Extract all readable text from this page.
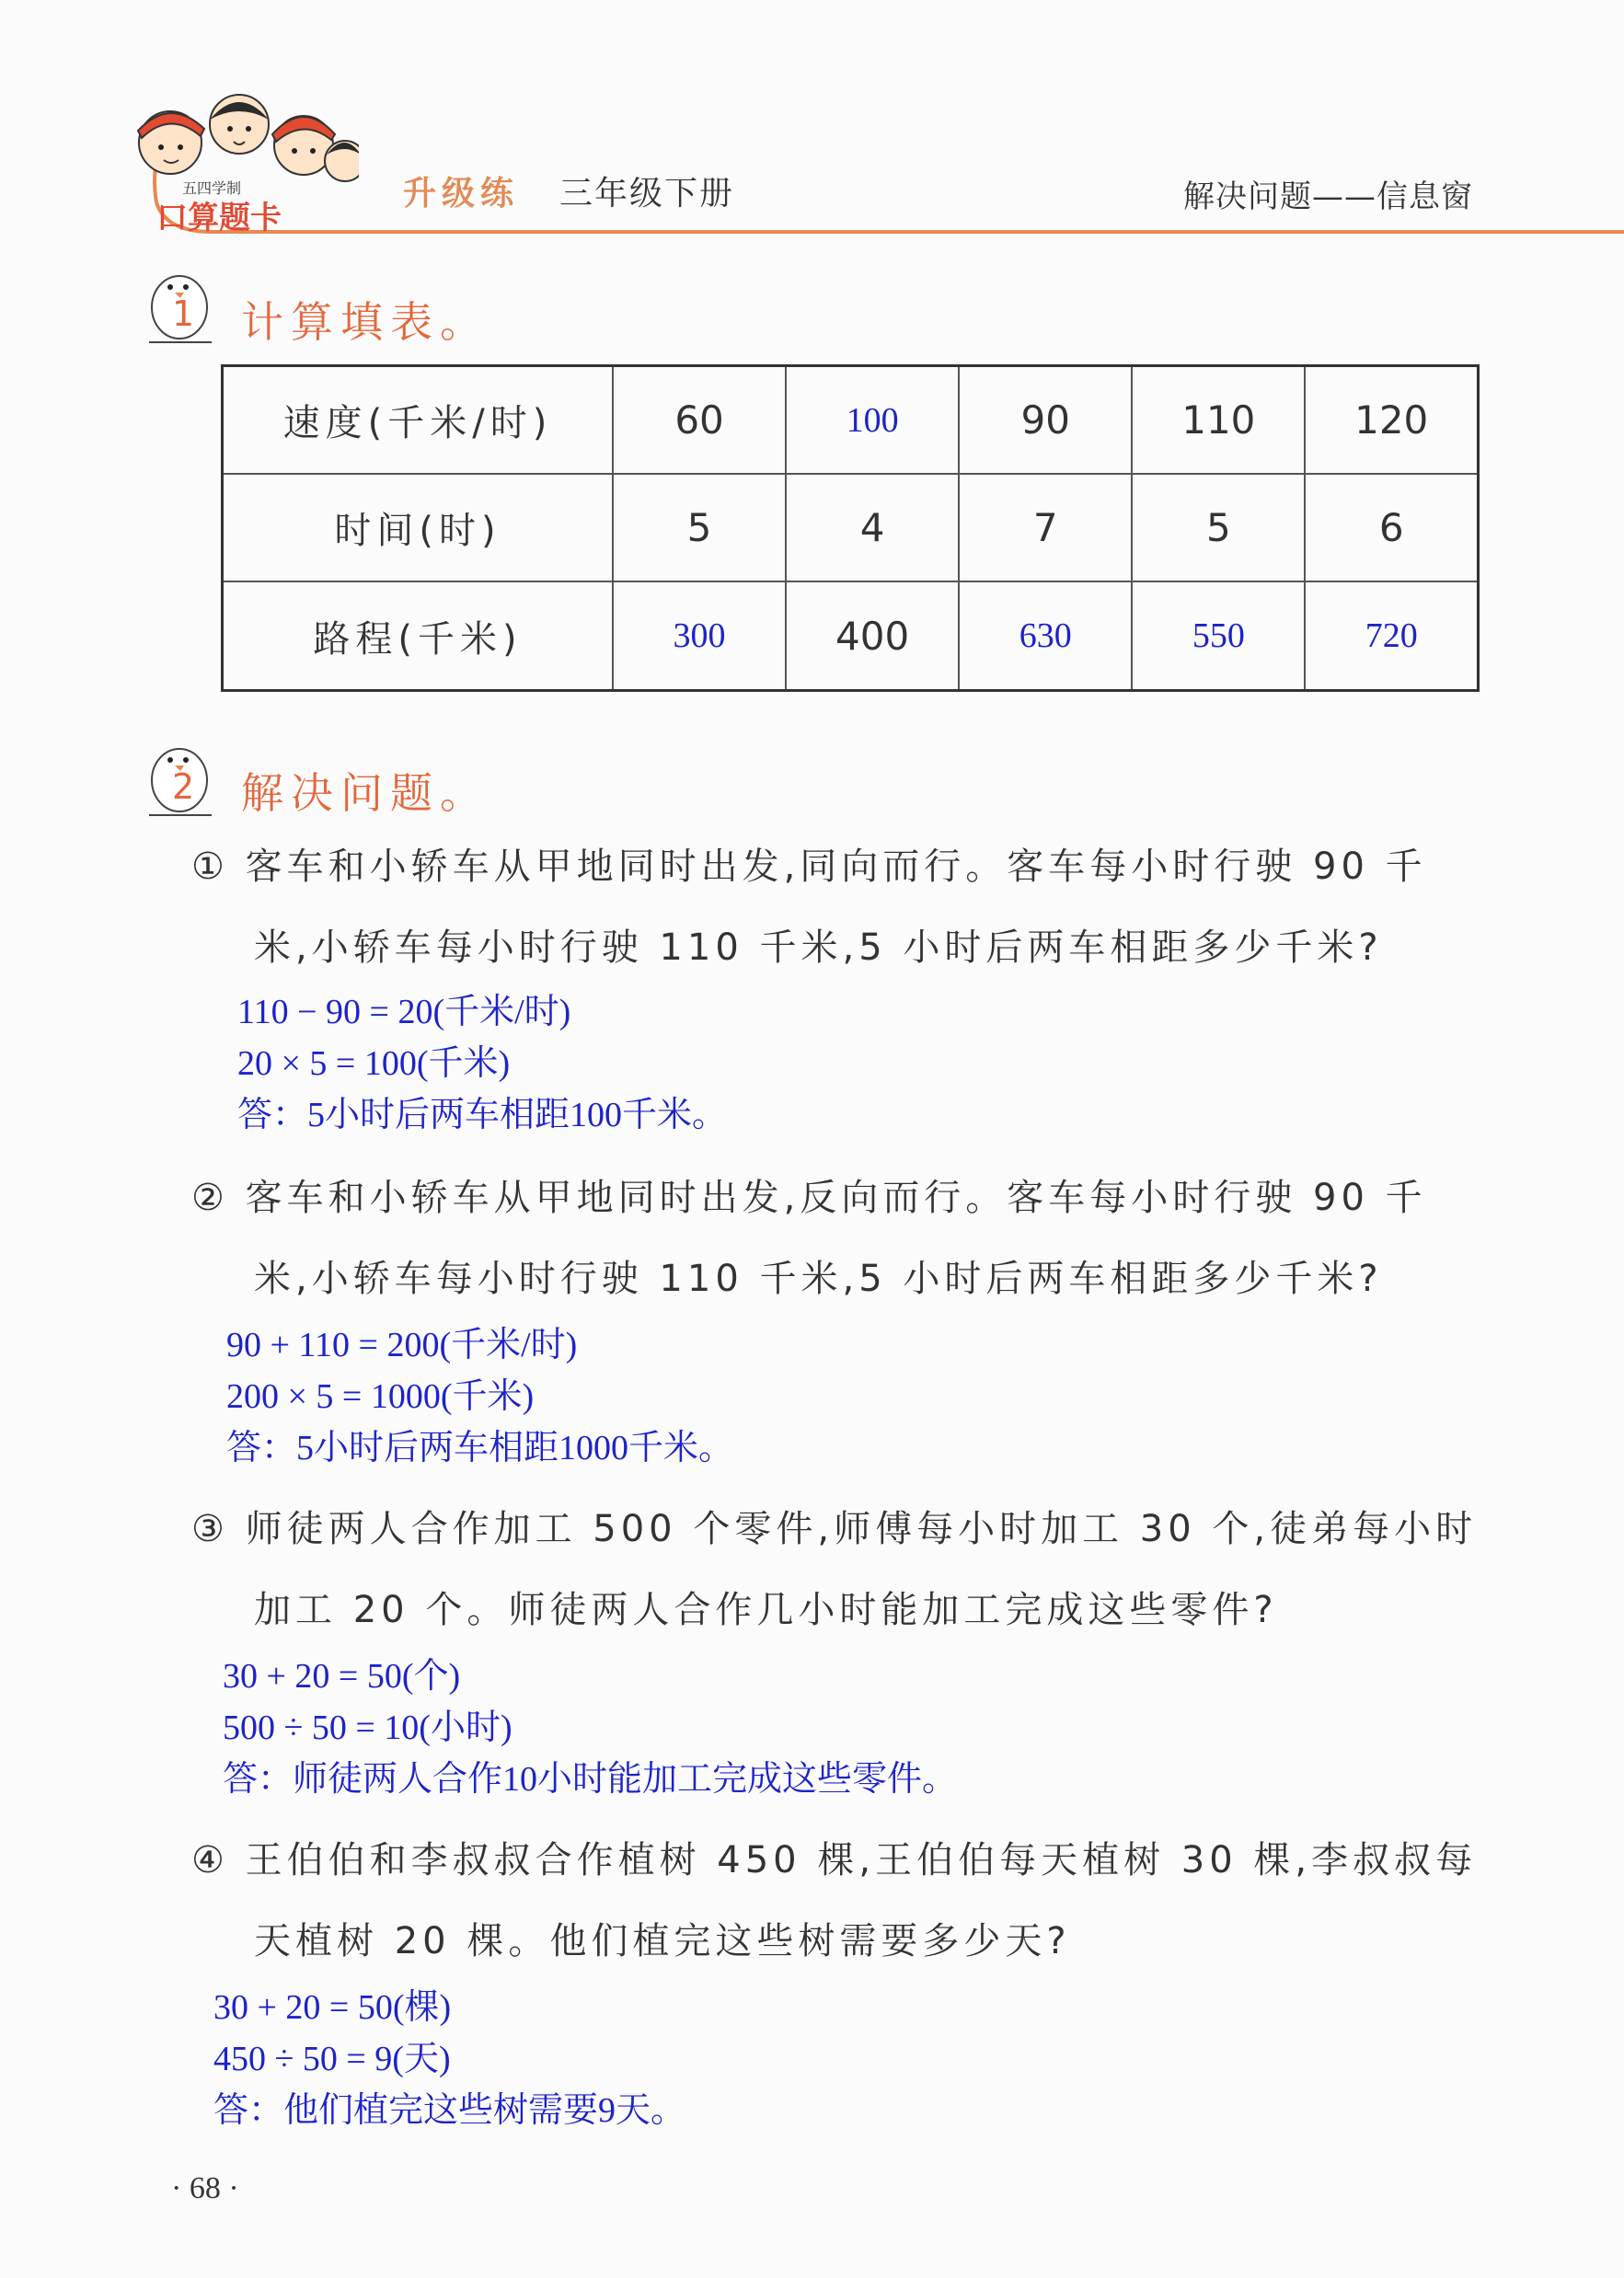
五四学制
口算题卡
升级练 三年级下册	解决问题——信息窗
1 计算填表。
速度(千米/时)	60	100	90	110	120
时间(时)	5	4	7	5	6
路程(千米)	300	400	630	550	720
2 解决问题。
① 客车和小轿车从甲地同时出发,同向而行。客车每小时行驶 90 千
米,小轿车每小时行驶 110 千米,5 小时后两车相距多少千米?
110 − 90 = 20(千米/时)
20 × 5 = 100(千米)
答：5小时后两车相距100千米。
② 客车和小轿车从甲地同时出发,反向而行。客车每小时行驶 90 千
米,小轿车每小时行驶 110 千米,5 小时后两车相距多少千米?
90 + 110 = 200(千米/时)
200 × 5 = 1000(千米)
答：5小时后两车相距1000千米。
③ 师徒两人合作加工 500 个零件,师傅每小时加工 30 个,徒弟每小时
加工 20 个。师徒两人合作几小时能加工完成这些零件?
30 + 20 = 50(个)
500 ÷ 50 = 10(小时)
答：师徒两人合作10小时能加工完成这些零件。
④ 王伯伯和李叔叔合作植树 450 棵,王伯伯每天植树 30 棵,李叔叔每
天植树 20 棵。他们植完这些树需要多少天?
30 + 20 = 50(棵)
450 ÷ 50 = 9(天)
答：他们植完这些树需要9天。
· 68 ·
